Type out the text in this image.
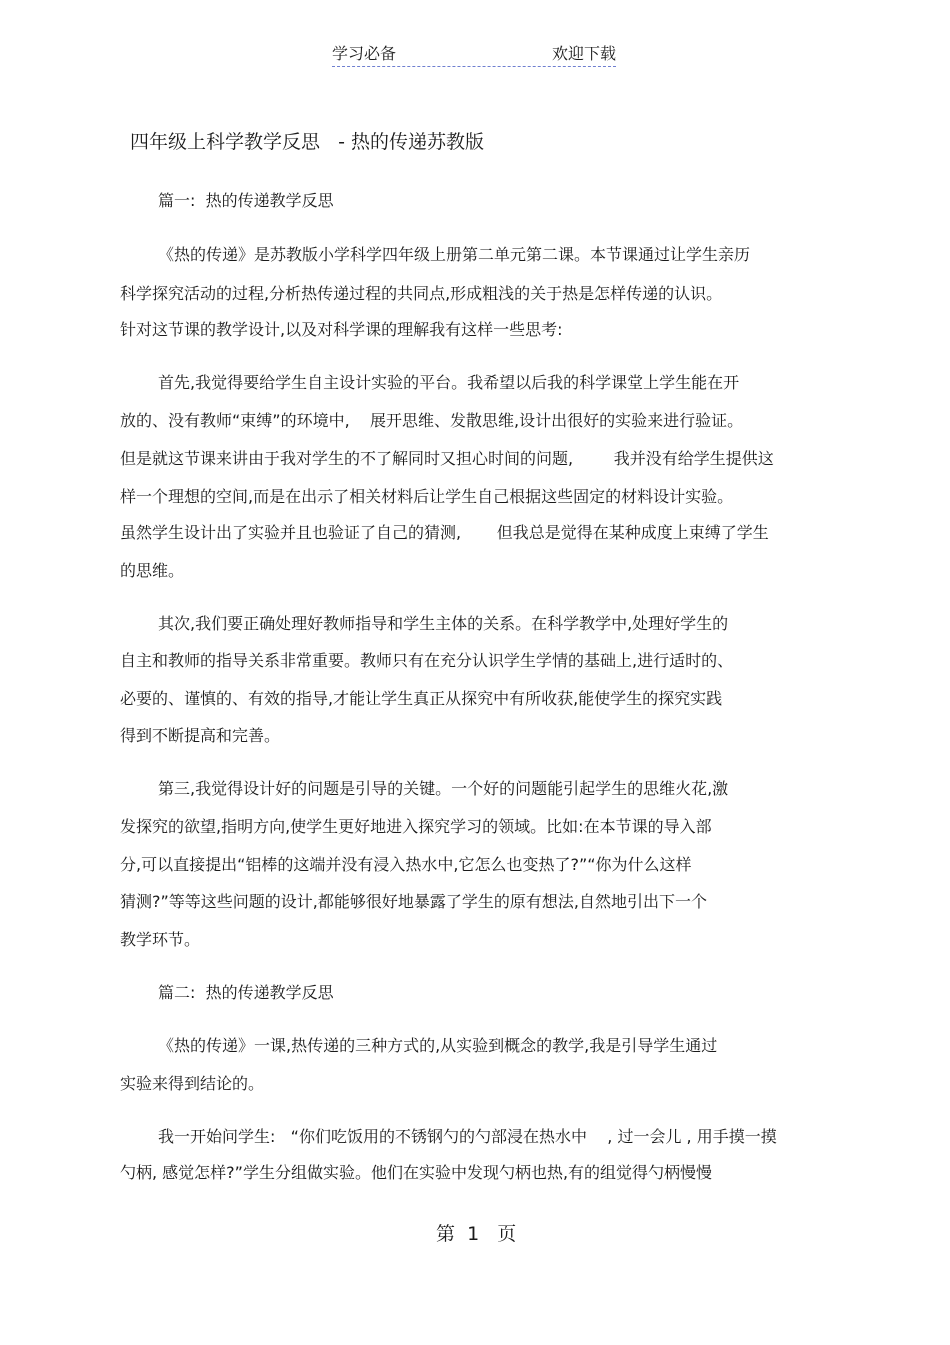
学习必备	欢迎下载
四年级上科学教学反思   - 热的传递苏教版
篇一:  热的传递教学反思
《热的传递》是苏教版小学科学四年级上册第二单元第二课。本节课通过让学生亲历
科学探究活动的过程,分析热传递过程的共同点,形成粗浅的关于热是怎样传递的认识。
针对这节课的教学设计,以及对科学课的理解我有这样一些思考:
首先,我觉得要给学生自主设计实验的平台。我希望以后我的科学课堂上学生能在开
放的、没有教师“束缚”的环境中,    展开思维、发散思维,设计出很好的实验来进行验证。
但是就这节课来讲由于我对学生的不了解同时又担心时间的问题,        我并没有给学生提供这
样一个理想的空间,而是在出示了相关材料后让学生自己根据这些固定的材料设计实验。
虽然学生设计出了实验并且也验证了自己的猜测,       但我总是觉得在某种成度上束缚了学生
的思维。
其次,我们要正确处理好教师指导和学生主体的关系。在科学教学中,处理好学生的
自主和教师的指导关系非常重要。教师只有在充分认识学生学情的基础上,进行适时的、
必要的、谨慎的、有效的指导,才能让学生真正从探究中有所收获,能使学生的探究实践
得到不断提高和完善。
第三,我觉得设计好的问题是引导的关键。一个好的问题能引起学生的思维火花,激
发探究的欲望,指明方向,使学生更好地进入探究学习的领域。比如:在本节课的导入部
分,可以直接提出“铝棒的这端并没有浸入热水中,它怎么也变热了?”“你为什么这样
猜测?”等等这些问题的设计,都能够很好地暴露了学生的原有想法,自然地引出下一个
教学环节。
篇二:  热的传递教学反思
《热的传递》一课,热传递的三种方式的,从实验到概念的教学,我是引导学生通过
实验来得到结论的。
我一开始问学生:   “你们吃饭用的不锈钢勺的勺部浸在热水中    , 过一会儿 , 用手摸一摸
勺柄, 感觉怎样?”学生分组做实验。他们在实验中发现勺柄也热,有的组觉得勺柄慢慢
第  1   页
